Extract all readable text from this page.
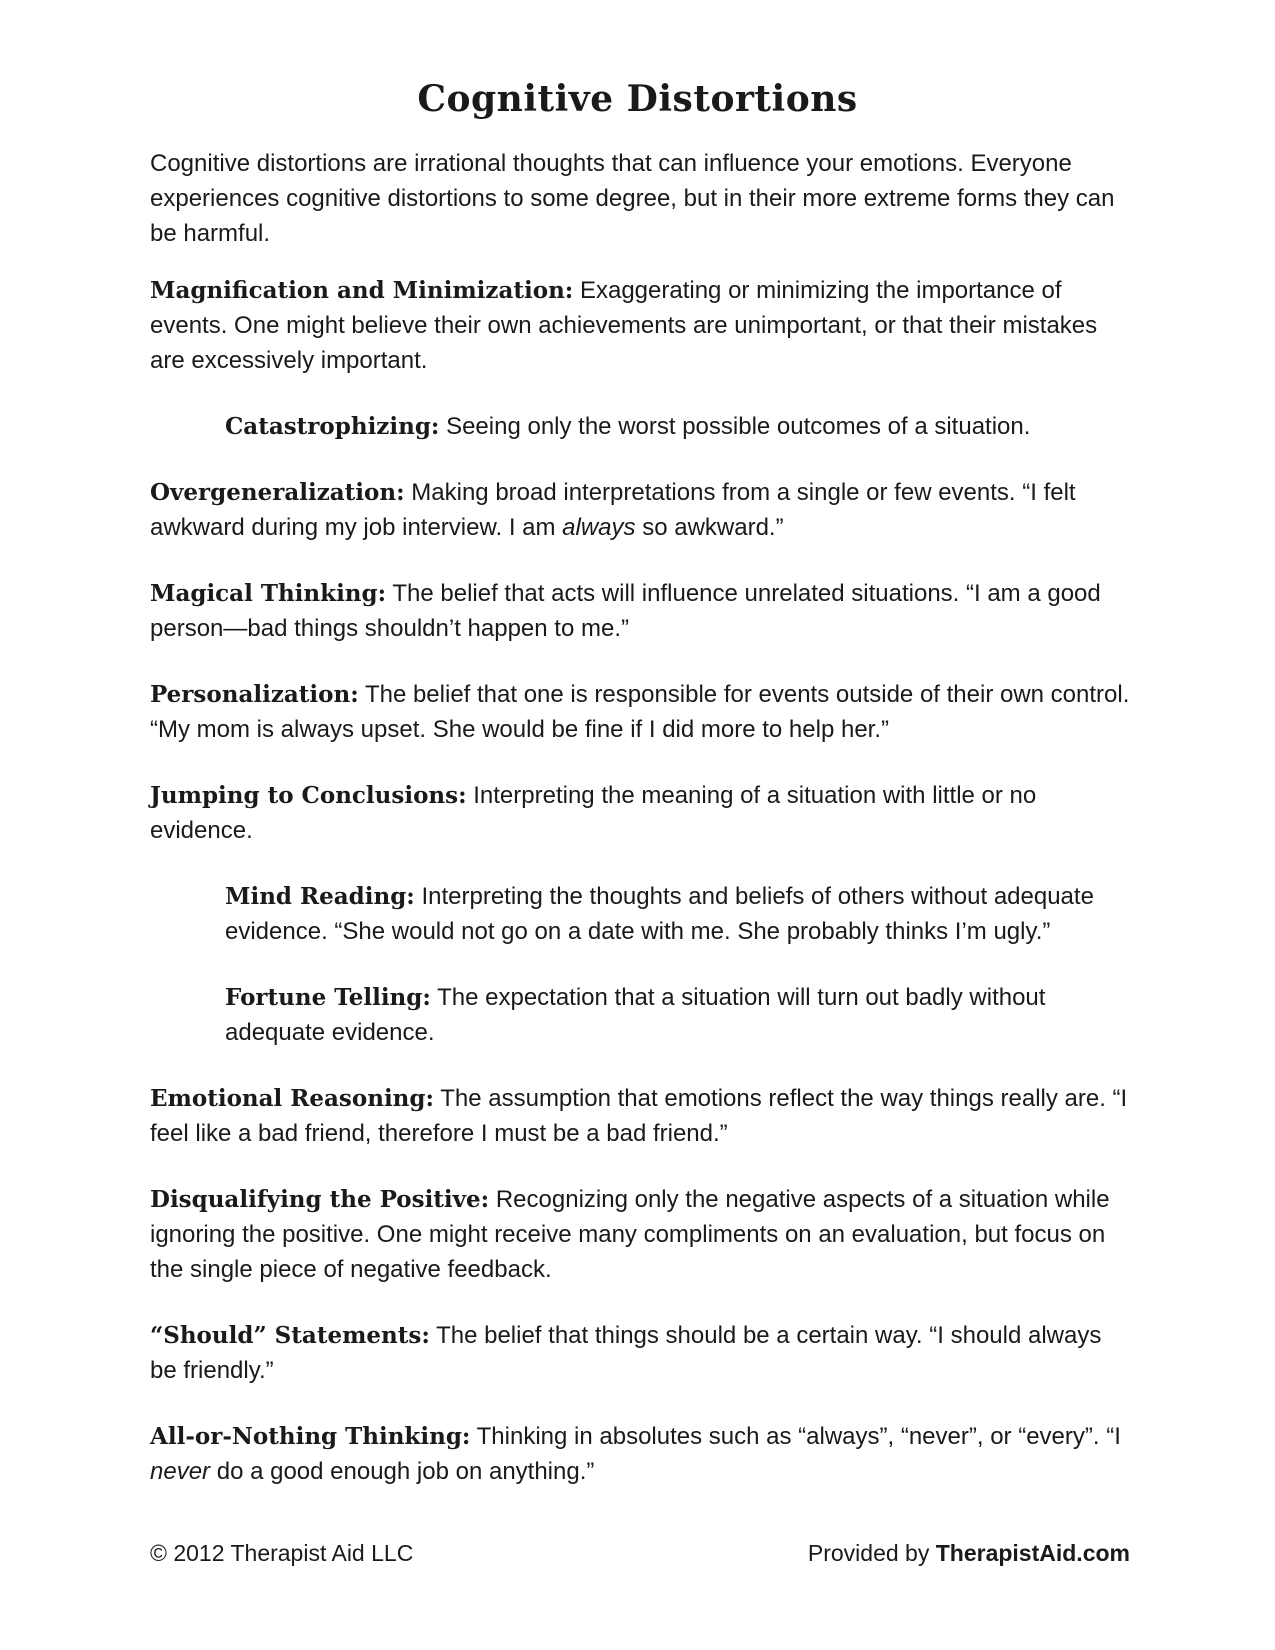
Cognitive Distortions

Cognitive distortions are irrational thoughts that can influence your emotions. Everyone experiences cognitive distortions to some degree, but in their more extreme forms they can be harmful.

Magnification and Minimization: Exaggerating or minimizing the importance of events. One might believe their own achievements are unimportant, or that their mistakes are excessively important.

Catastrophizing: Seeing only the worst possible outcomes of a situation.

Overgeneralization: Making broad interpretations from a single or few events. “I felt awkward during my job interview. I am always so awkward.”

Magical Thinking: The belief that acts will influence unrelated situations. “I am a good person—bad things shouldn’t happen to me.”

Personalization: The belief that one is responsible for events outside of their own control. “My mom is always upset. She would be fine if I did more to help her.”

Jumping to Conclusions: Interpreting the meaning of a situation with little or no evidence.

Mind Reading: Interpreting the thoughts and beliefs of others without adequate evidence. “She would not go on a date with me. She probably thinks I’m ugly.”

Fortune Telling: The expectation that a situation will turn out badly without adequate evidence.

Emotional Reasoning: The assumption that emotions reflect the way things really are. “I feel like a bad friend, therefore I must be a bad friend.”

Disqualifying the Positive: Recognizing only the negative aspects of a situation while ignoring the positive. One might receive many compliments on an evaluation, but focus on the single piece of negative feedback.

“Should” Statements: The belief that things should be a certain way. “I should always be friendly.”

All-or-Nothing Thinking: Thinking in absolutes such as “always”, “never”, or “every”. “I never do a good enough job on anything.”

© 2012 Therapist Aid LLC	Provided by TherapistAid.com
